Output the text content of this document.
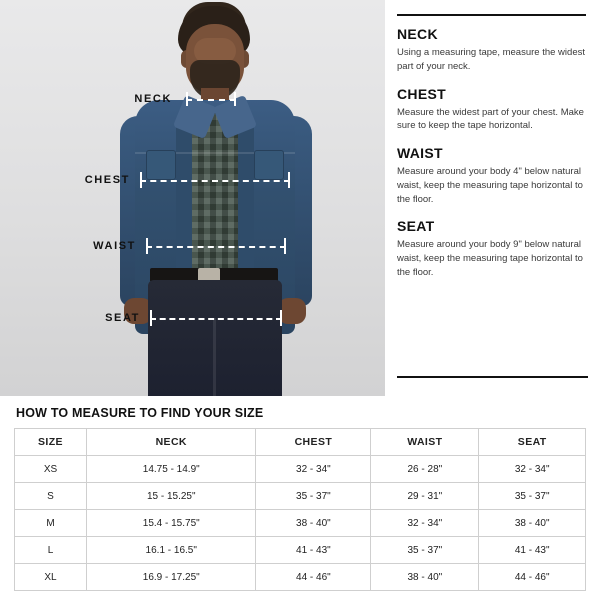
NECK
CHEST
WAIST
SEAT
NECK
Using a measuring tape, measure the widest part of your neck.
CHEST
Measure the widest part of your chest. Make sure to keep the tape horizontal.
WAIST
Measure around your body 4" below natural waist, keep the measuring tape horizontal to the floor.
SEAT
Measure around your body 9" below natural waist, keep the measuring tape horizontal to the floor.
HOW TO MEASURE TO FIND YOUR SIZE
SIZE	NECK	CHEST	WAIST	SEAT
XS	14.75 - 14.9"	32 - 34"	26 - 28"	32 - 34"
S	15 - 15.25"	35 - 37"	29 - 31"	35 - 37"
M	15.4 - 15.75"	38 - 40"	32 - 34"	38 - 40"
L	16.1 - 16.5"	41 - 43"	35 - 37"	41 - 43"
XL	16.9 - 17.25"	44 - 46"	38 - 40"	44 - 46"
